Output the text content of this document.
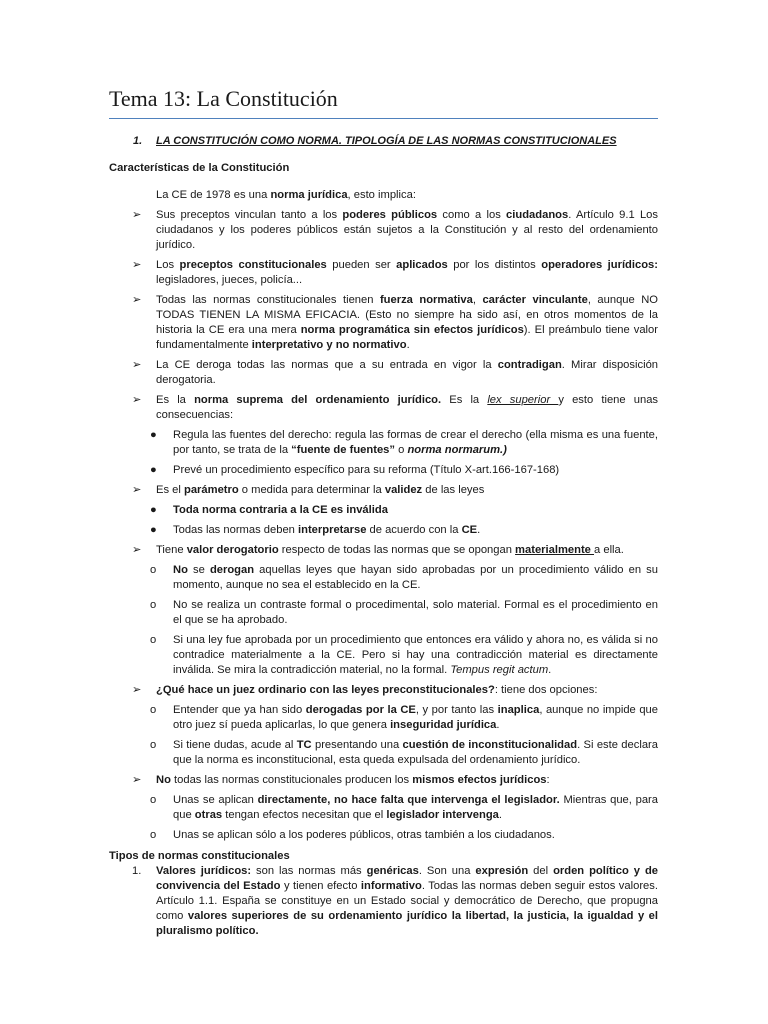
Tema 13: La Constitución
1. LA CONSTITUCIÓN COMO NORMA. TIPOLOGÍA DE LAS NORMAS CONSTITUCIONALES
Características de la Constitución
La CE de 1978 es una norma jurídica, esto implica:
➢ Sus preceptos vinculan tanto a los poderes públicos como a los ciudadanos. Artículo 9.1 Los ciudadanos y los poderes públicos están sujetos a la Constitución y al resto del ordenamiento jurídico.
➢ Los preceptos constitucionales pueden ser aplicados por los distintos operadores jurídicos: legisladores, jueces, policía...
➢ Todas las normas constitucionales tienen fuerza normativa, carácter vinculante, aunque NO TODAS TIENEN LA MISMA EFICACIA. (Esto no siempre ha sido así, en otros momentos de la historia la CE era una mera norma programática sin efectos jurídicos). El preámbulo tiene valor fundamentalmente interpretativo y no normativo.
➢ La CE deroga todas las normas que a su entrada en vigor la contradigan. Mirar disposición derogatoria.
➢ Es la norma suprema del ordenamiento jurídico. Es la lex superior y esto tiene unas consecuencias:
● Regula las fuentes del derecho: regula las formas de crear el derecho (ella misma es una fuente, por tanto, se trata de la “fuente de fuentes” o norma normarum.)
● Prevé un procedimiento específico para su reforma (Título X-art.166-167-168)
➢ Es el parámetro o medida para determinar la validez de las leyes
● Toda norma contraria a la CE es inválida
● Todas las normas deben interpretarse de acuerdo con la CE.
➢ Tiene valor derogatorio respecto de todas las normas que se opongan materialmente a ella.
o No se derogan aquellas leyes que hayan sido aprobadas por un procedimiento válido en su momento, aunque no sea el establecido en la CE.
o No se realiza un contraste formal o procedimental, solo material. Formal es el procedimiento en el que se ha aprobado.
o Si una ley fue aprobada por un procedimiento que entonces era válido y ahora no, es válida si no contradice materialmente a la CE. Pero si hay una contradicción material es directamente inválida. Se mira la contradicción material, no la formal. Tempus regit actum.
➢ ¿Qué hace un juez ordinario con las leyes preconstitucionales?: tiene dos opciones:
o Entender que ya han sido derogadas por la CE, y por tanto las inaplica, aunque no impide que otro juez sí pueda aplicarlas, lo que genera inseguridad jurídica.
o Si tiene dudas, acude al TC presentando una cuestión de inconstitucionalidad. Si este declara que la norma es inconstitucional, esta queda expulsada del ordenamiento jurídico.
➢ No todas las normas constitucionales producen los mismos efectos jurídicos:
o Unas se aplican directamente, no hace falta que intervenga el legislador. Mientras que, para que otras tengan efectos necesitan que el legislador intervenga.
o Unas se aplican sólo a los poderes públicos, otras también a los ciudadanos.
Tipos de normas constitucionales
1. Valores jurídicos: son las normas más genéricas. Son una expresión del orden político y de convivencia del Estado y tienen efecto informativo. Todas las normas deben seguir estos valores. Artículo 1.1. España se constituye en un Estado social y democrático de Derecho, que propugna como valores superiores de su ordenamiento jurídico la libertad, la justicia, la igualdad y el pluralismo político.
